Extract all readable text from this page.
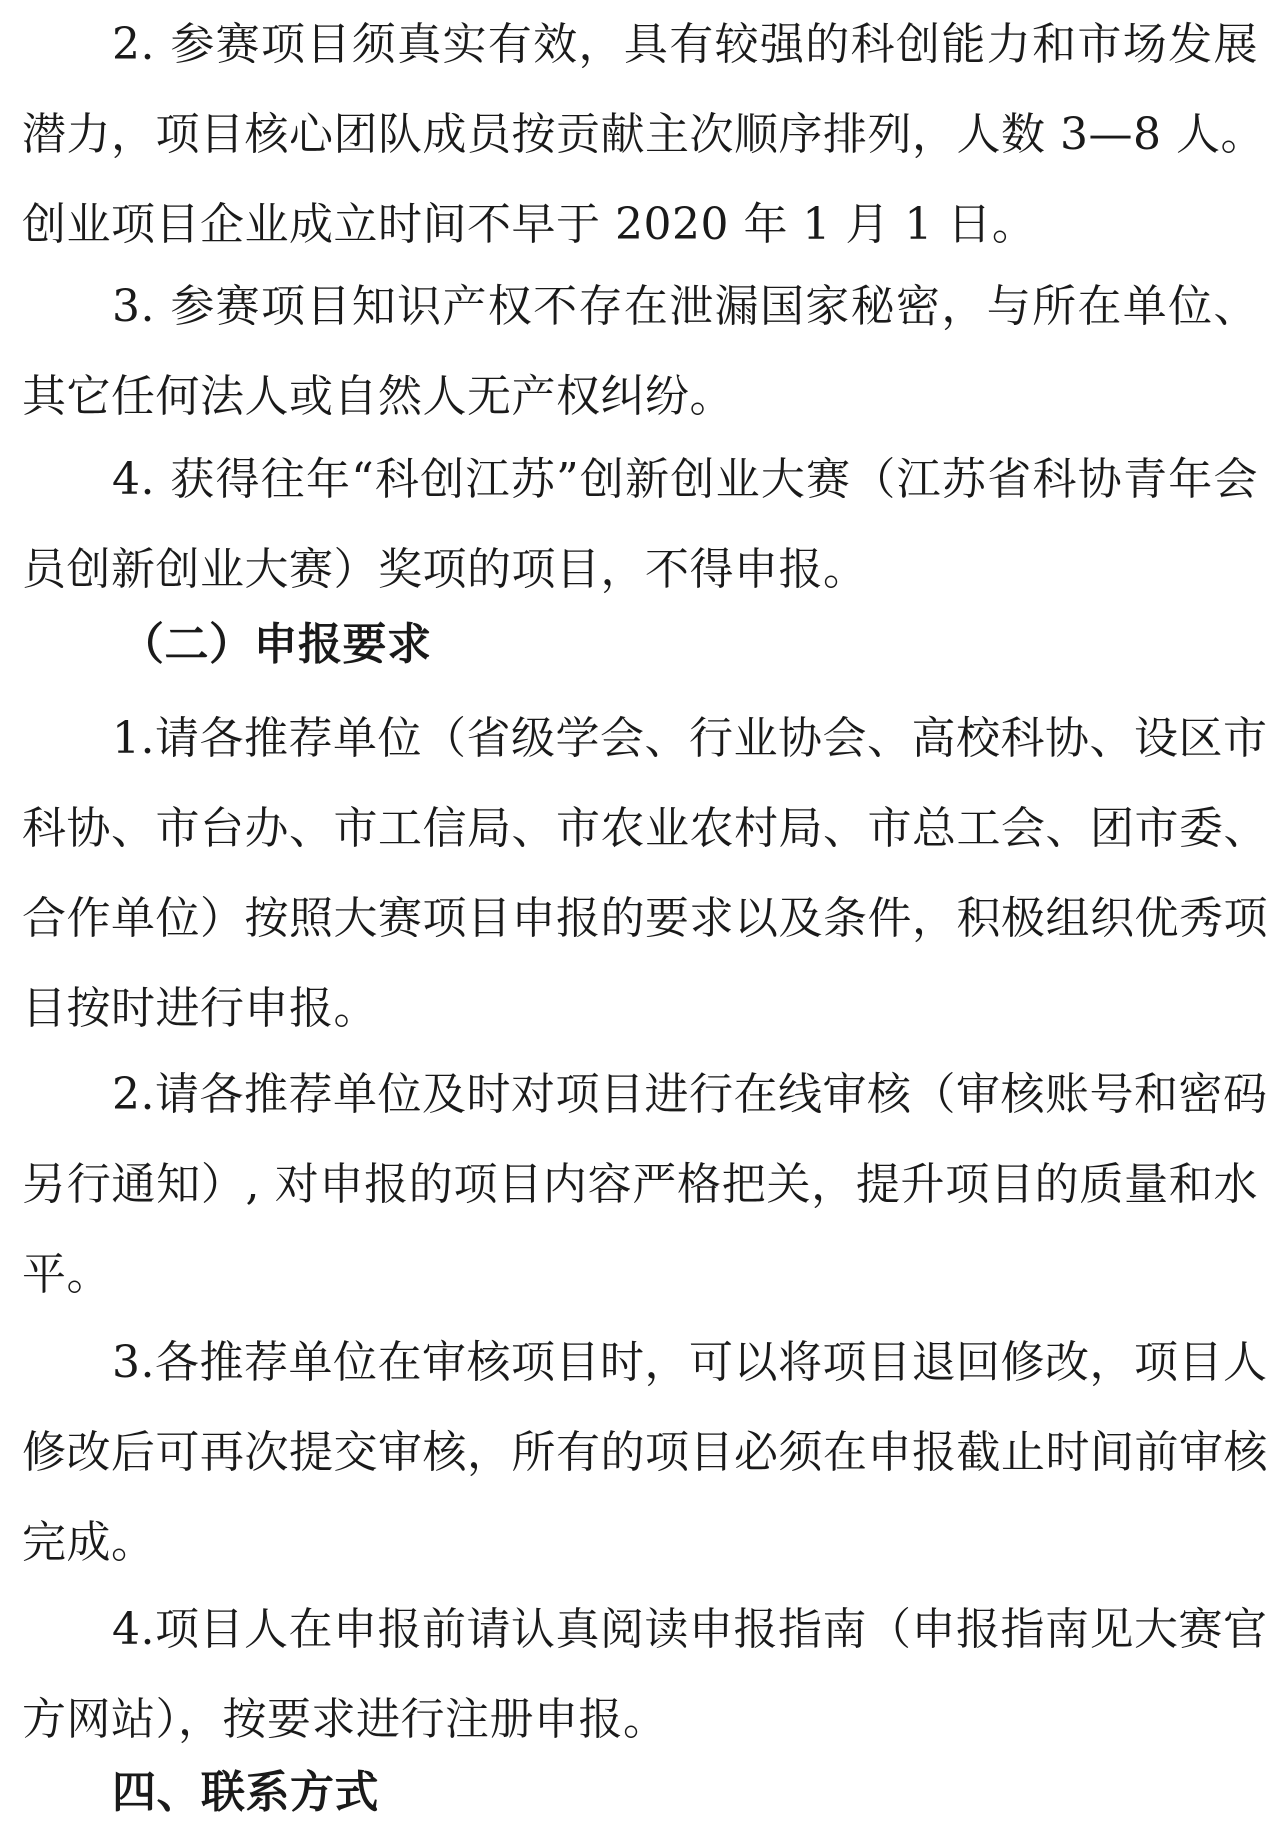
2. 参赛项目须真实有效，具有较强的科创能力和市场发展
潜力，项目核心团队成员按贡献主次顺序排列，人数 3—8 人。
创业项目企业成立时间不早于 2020 年 1 月 1 日。
3. 参赛项目知识产权不存在泄漏国家秘密，与所在单位、
其它任何法人或自然人无产权纠纷。
4. 获得往年“科创江苏”创新创业大赛（江苏省科协青年会
员创新创业大赛）奖项的项目，不得申报。
（二）申报要求
1.请各推荐单位（省级学会、行业协会、高校科协、设区市
科协、市台办、市工信局、市农业农村局、市总工会、团市委、
合作单位）按照大赛项目申报的要求以及条件，积极组织优秀项
目按时进行申报。
2.请各推荐单位及时对项目进行在线审核（审核账号和密码
另行通知）, 对申报的项目内容严格把关，提升项目的质量和水
平。
3.各推荐单位在审核项目时，可以将项目退回修改，项目人
修改后可再次提交审核，所有的项目必须在申报截止时间前审核
完成。
4.项目人在申报前请认真阅读申报指南（申报指南见大赛官
方网站），按要求进行注册申报。
四、联系方式
